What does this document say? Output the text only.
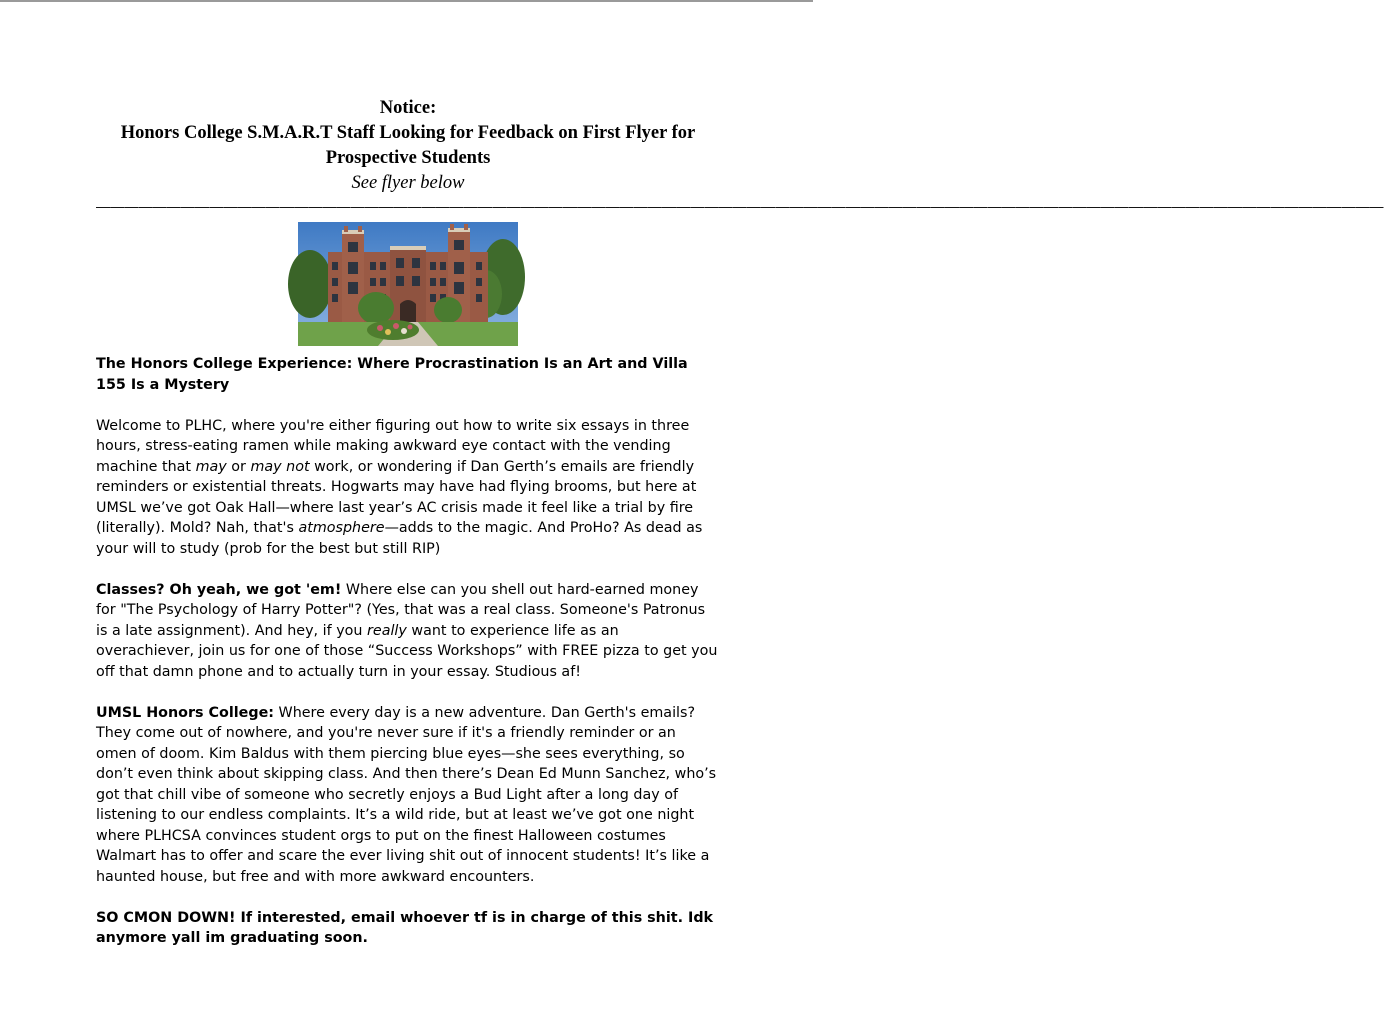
Notice:
Honors College S.M.A.R.T Staff Looking for Feedback on First Flyer for
Prospective Students
See flyer below
———————————————————————————————————————————————————————————————————————————————————————————

The Honors College Experience: Where Procrastination Is an Art and Villa 155 Is a Mystery

Welcome to PLHC, where you're either figuring out how to write six essays in three hours, stress-eating ramen while making awkward eye contact with the vending machine that may or may not work, or wondering if Dan Gerth’s emails are friendly reminders or existential threats. Hogwarts may have had flying brooms, but here at UMSL we’ve got Oak Hall—where last year’s AC crisis made it feel like a trial by fire (literally). Mold? Nah, that's atmosphere—adds to the magic. And ProHo? As dead as your will to study (prob for the best but still RIP)

Classes? Oh yeah, we got 'em! Where else can you shell out hard-earned money for "The Psychology of Harry Potter"? (Yes, that was a real class. Someone's Patronus is a late assignment). And hey, if you really want to experience life as an overachiever, join us for one of those “Success Workshops” with FREE pizza to get you off that damn phone and to actually turn in your essay. Studious af!

UMSL Honors College: Where every day is a new adventure. Dan Gerth's emails? They come out of nowhere, and you're never sure if it's a friendly reminder or an omen of doom. Kim Baldus with them piercing blue eyes—she sees everything, so don’t even think about skipping class. And then there’s Dean Ed Munn Sanchez, who’s got that chill vibe of someone who secretly enjoys a Bud Light after a long day of listening to our endless complaints. It’s a wild ride, but at least we’ve got one night where PLHCSA convinces student orgs to put on the finest Halloween costumes Walmart has to offer and scare the ever living shit out of innocent students! It’s like a haunted house, but free and with more awkward encounters.

SO CMON DOWN! If interested, email whoever tf is in charge of this shit. Idk anymore yall im graduating soon.
